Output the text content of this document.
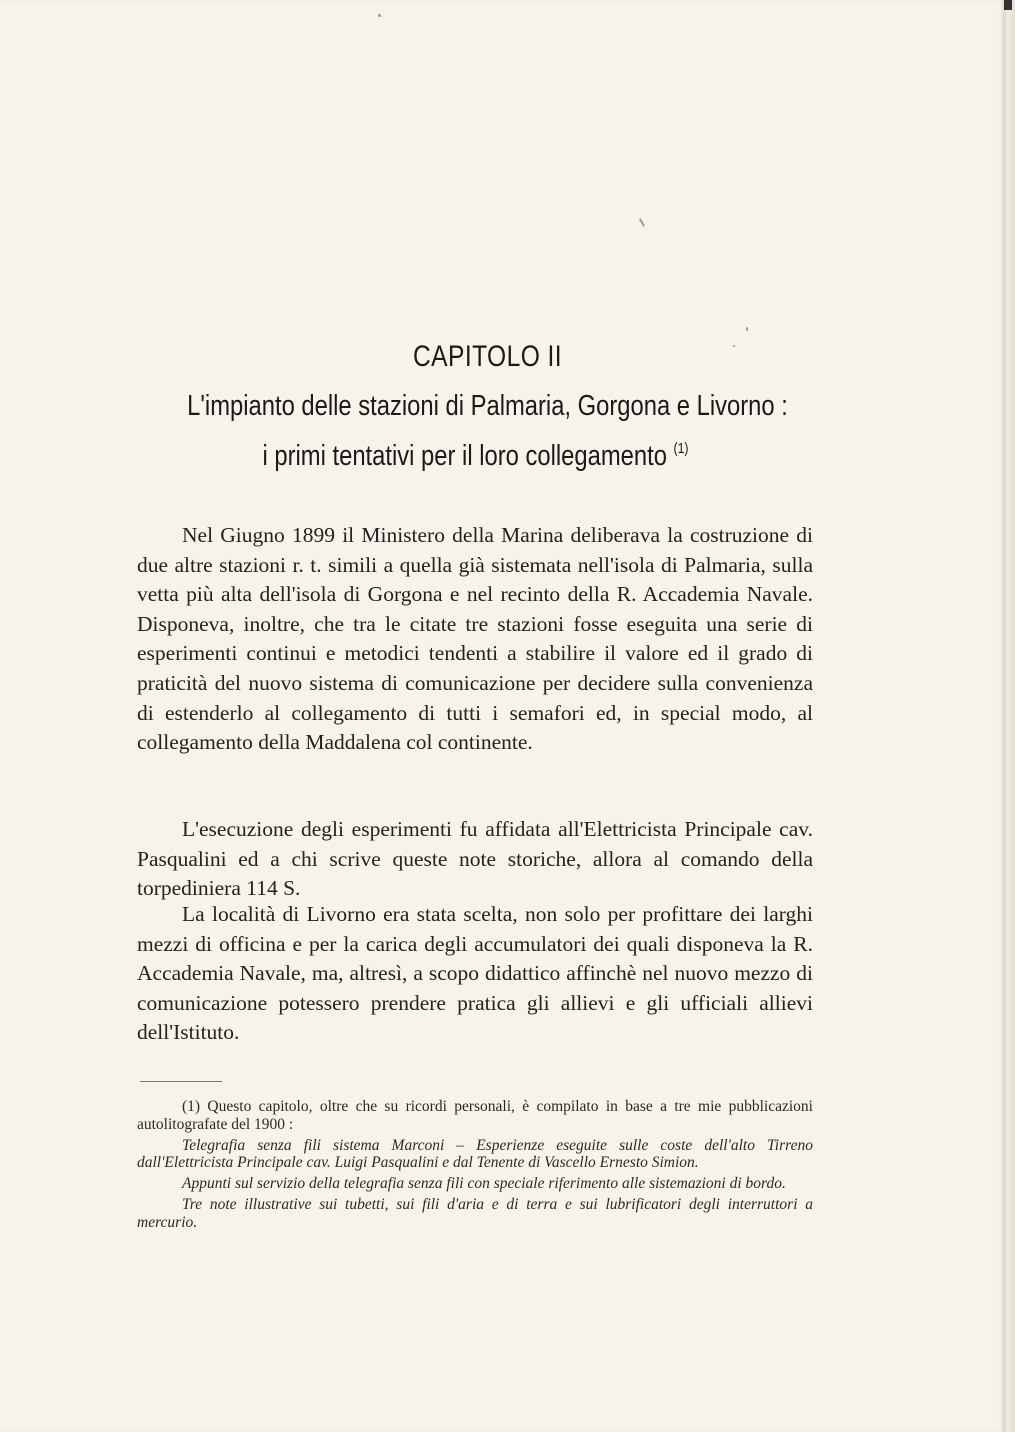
CAPITOLO II
L'impianto delle stazioni di Palmaria, Gorgona e Livorno :
i primi tentativi per il loro collegamento $^{(1)}$

Nel Giugno 1899 il Ministero della Marina deliberava la costruzione di due altre stazioni r. t. simili a quella già sistemata nell'isola di Palmaria, sulla vetta più alta dell'isola di Gorgona e nel recinto della R. Accademia Navale. Disponeva, inoltre, che tra le citate tre stazioni fosse eseguita una serie di esperimenti continui e metodici tendenti a stabilire il valore ed il grado di praticità del nuovo sistema di comunicazione per decidere sulla convenienza di estenderlo al collegamento di tutti i semafori ed, in special modo, al collegamento della Maddalena col continente.

L'esecuzione degli esperimenti fu affidata all'Elettricista Principale cav. Pasqualini ed a chi scrive queste note storiche, allora al comando della torpediniera 114 S.

La località di Livorno era stata scelta, non solo per profittare dei larghi mezzi di officina e per la carica degli accumulatori dei quali disponeva la R. Accademia Navale, ma, altresì, a scopo didattico affinchè nel nuovo mezzo di comunicazione potessero prendere pratica gli allievi e gli ufficiali allievi dell'Istituto.

(1) Questo capitolo, oltre che su ricordi personali, è compilato in base a tre mie pubblicazioni autolitografate del 1900 :

Telegrafia senza fili sistema Marconi – Esperienze eseguite sulle coste dell'alto Tirreno dall'Elettricista Principale cav. Luigi Pasqualini e dal Tenente di Vascello Ernesto Simion.

Appunti sul servizio della telegrafia senza fili con speciale riferimento alle sistemazioni di bordo.

Tre note illustrative sui tubetti, sui fili d'aria e di terra e sui lubrificatori degli interruttori a mercurio.
